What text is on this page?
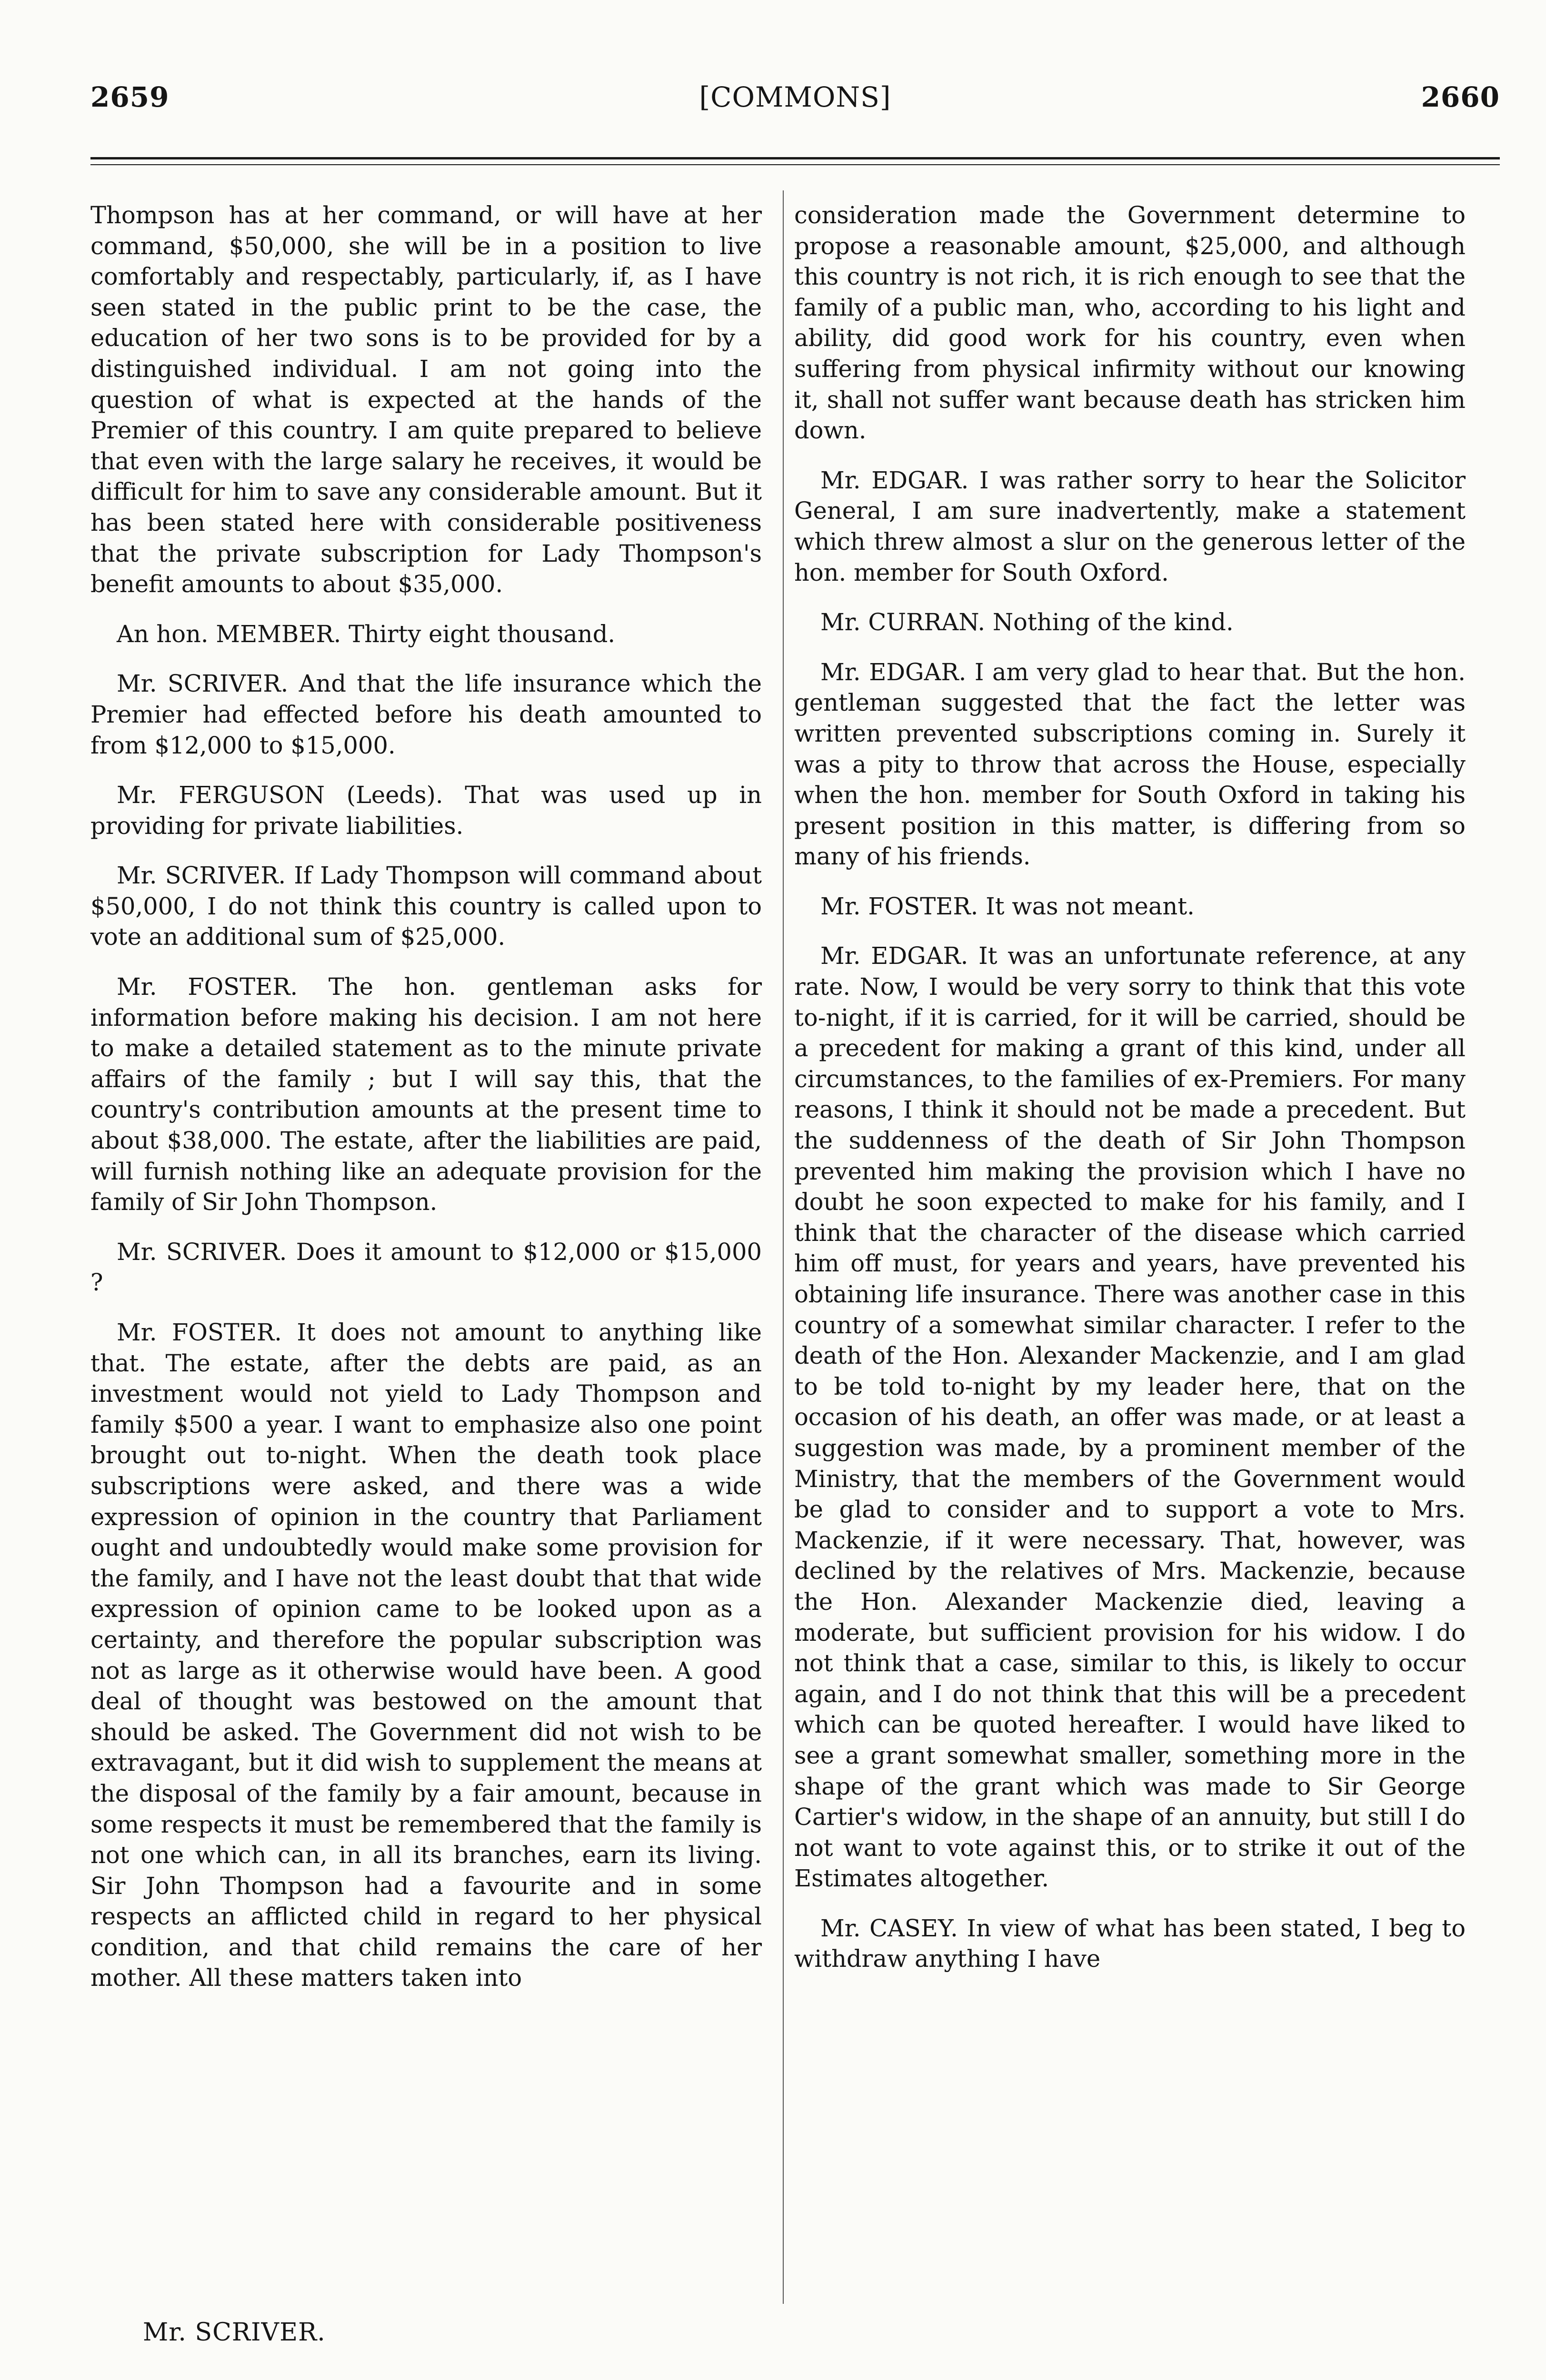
2659	[COMMONS]	2660

Thompson has at her command, or will have at her command, $50,000, she will be in a position to live comfortably and respectably, particularly, if, as I have seen stated in the public print to be the case, the education of her two sons is to be provided for by a distinguished individual. I am not going into the question of what is expected at the hands of the Premier of this country. I am quite prepared to believe that even with the large salary he receives, it would be difficult for him to save any considerable amount. But it has been stated here with considerable positiveness that the private subscription for Lady Thompson's benefit amounts to about $35,000.

An hon. MEMBER. Thirty eight thousand.

Mr. SCRIVER. And that the life insurance which the Premier had effected before his death amounted to from $12,000 to $15,000.

Mr. FERGUSON (Leeds). That was used up in providing for private liabilities.

Mr. SCRIVER. If Lady Thompson will command about $50,000, I do not think this country is called upon to vote an additional sum of $25,000.

Mr. FOSTER. The hon. gentleman asks for information before making his decision. I am not here to make a detailed statement as to the minute private affairs of the family ; but I will say this, that the country's contribution amounts at the present time to about $38,000. The estate, after the liabilities are paid, will furnish nothing like an adequate provision for the family of Sir John Thompson.

Mr. SCRIVER. Does it amount to $12,000 or $15,000 ?

Mr. FOSTER. It does not amount to anything like that. The estate, after the debts are paid, as an investment would not yield to Lady Thompson and family $500 a year. I want to emphasize also one point brought out to-night. When the death took place subscriptions were asked, and there was a wide expression of opinion in the country that Parliament ought and undoubtedly would make some provision for the family, and I have not the least doubt that that wide expression of opinion came to be looked upon as a certainty, and therefore the popular subscription was not as large as it otherwise would have been. A good deal of thought was bestowed on the amount that should be asked. The Government did not wish to be extravagant, but it did wish to supplement the means at the disposal of the family by a fair amount, because in some respects it must be remembered that the family is not one which can, in all its branches, earn its living. Sir John Thompson had a favourite and in some respects an afflicted child in regard to her physical condition, and that child remains the care of her mother. All these matters taken into

consideration made the Government determine to propose a reasonable amount, $25,000, and although this country is not rich, it is rich enough to see that the family of a public man, who, according to his light and ability, did good work for his country, even when suffering from physical infirmity without our knowing it, shall not suffer want because death has stricken him down.

Mr. EDGAR. I was rather sorry to hear the Solicitor General, I am sure inadvertently, make a statement which threw almost a slur on the generous letter of the hon. member for South Oxford.

Mr. CURRAN. Nothing of the kind.

Mr. EDGAR. I am very glad to hear that. But the hon. gentleman suggested that the fact the letter was written prevented subscriptions coming in. Surely it was a pity to throw that across the House, especially when the hon. member for South Oxford in taking his present position in this matter, is differing from so many of his friends.

Mr. FOSTER. It was not meant.

Mr. EDGAR. It was an unfortunate reference, at any rate. Now, I would be very sorry to think that this vote to-night, if it is carried, for it will be carried, should be a precedent for making a grant of this kind, under all circumstances, to the families of ex-Premiers. For many reasons, I think it should not be made a precedent. But the suddenness of the death of Sir John Thompson prevented him making the provision which I have no doubt he soon expected to make for his family, and I think that the character of the disease which carried him off must, for years and years, have prevented his obtaining life insurance. There was another case in this country of a somewhat similar character. I refer to the death of the Hon. Alexander Mackenzie, and I am glad to be told to-night by my leader here, that on the occasion of his death, an offer was made, or at least a suggestion was made, by a prominent member of the Ministry, that the members of the Government would be glad to consider and to support a vote to Mrs. Mackenzie, if it were necessary. That, however, was declined by the relatives of Mrs. Mackenzie, because the Hon. Alexander Mackenzie died, leaving a moderate, but sufficient provision for his widow. I do not think that a case, similar to this, is likely to occur again, and I do not think that this will be a precedent which can be quoted hereafter. I would have liked to see a grant somewhat smaller, something more in the shape of the grant which was made to Sir George Cartier's widow, in the shape of an annuity, but still I do not want to vote against this, or to strike it out of the Estimates altogether.

Mr. CASEY. In view of what has been stated, I beg to withdraw anything I have

Mr. SCRIVER.
